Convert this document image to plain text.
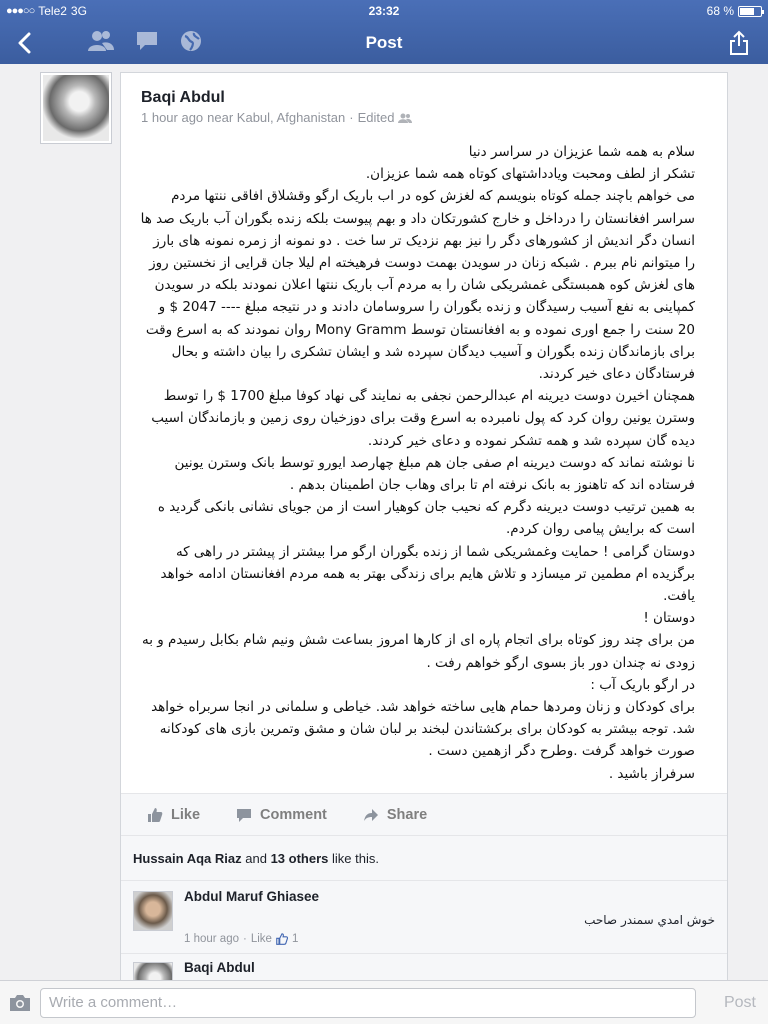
●●●○○ Tele2 3G	23:32	68 %
Post
Baqi Abdul
1 hour ago near Kabul, Afghanistan · Edited
سلام به همه شما عزیزان در سراسر دنیا
تشکر از لطف ومحبت ویادداشتهای کوتاه همه شما عزیزان.
می خواهم باچند جمله کوتاه بنویسم که لغزش کوه در اب باریک ارگو وقشلاق افاقی ننتها مردم سراسر افغانستان را درداخل و خارج کشورتکان داد و بهم پیوست بلکه زنده بگوران آب باریک صد ها انسان دگر اندیش از کشورهای دگر را نیز بهم نزدیک تر سا خت . دو نمونه از زمره نمونه های بارز را میتوانم نام ببرم . شبکه زنان در سویدن بهمت دوست فرهیخته ام لیلا جان قرایی از نخستین روز های لغزش کوه همبستگی غمشریکی شان را به مردم آب باریک ننتها اعلان نمودند بلکه در سویدن کمپاینی به نفع آسیب رسیدگان و زنده بگوران را سروسامان دادند و در نتیجه مبلغ ---- 2047 $ و 20 سنت را جمع اوری نموده و به افغانستان توسط Mony Gramm روان نمودند که به اسرع وقت برای بازماندگان زنده بگوران و آسیب دیدگان سپرده شد و ایشان تشکری را بیان داشته و بحال فرستادگان دعای خیر کردند.
همچنان اخیرن دوست دیرینه ام عبدالرحمن نجفی به نمایند گی نهاد کوفا مبلغ 1700 $ را توسط وسترن یونین روان کرد که پول نامبرده به اسرع وقت برای دوزخیان روی زمین و بازماندگان اسیب دیده گان سپرده شد و همه تشکر نموده و دعای خیر کردند.
نا نوشته نماند که دوست دیرینه ام صفی جان هم مبلغ چهارصد ایورو توسط بانک وسترن یونین فرستاده اند که تاهنوز به بانک نرفته ام تا برای وهاب جان اطمینان بدهم .
به همین ترتیب دوست دیرینه دگرم که نحیب جان کوهیار است از من جویای نشانی بانکی گردید ه است که برایش پیامی روان کردم.
دوستان گرامی ! حمایت وغمشریکی شما از زنده بگوران ارگو مرا بیشتر از پیشتر در راهی که برگزیده ام مطمین تر میسازد و تلاش هایم برای زندگی بهتر به همه مردم افغانستان ادامه خواهد یافت.
دوستان !
من برای چند روز کوتاه برای اتجام پاره ای از کارها امروز بساعت شش ونیم شام بکابل رسیدم و به زودی نه چندان دور باز بسوی ارگو خواهم رفت .
در ارگو باریک آب :
برای کودکان و زنان ومردها حمام هایی ساخته خواهد شد. خیاطی و سلمانی در انجا سربراه خواهد شد. توجه بیشتر به کودکان برای برکشتاندن لبخند بر لبان شان و مشق وتمرین بازی های کودکانه صورت خواهد گرفت .وطرح دگر ازهمین دست .
سرفراز باشید .
Like	Comment	Share
Hussain Aqa Riaz and 13 others like this.
Abdul Maruf Ghiasee
خوش امدي سمندر صاحب
1 hour ago · Like 1
Baqi Abdul
Write a comment…
Post
